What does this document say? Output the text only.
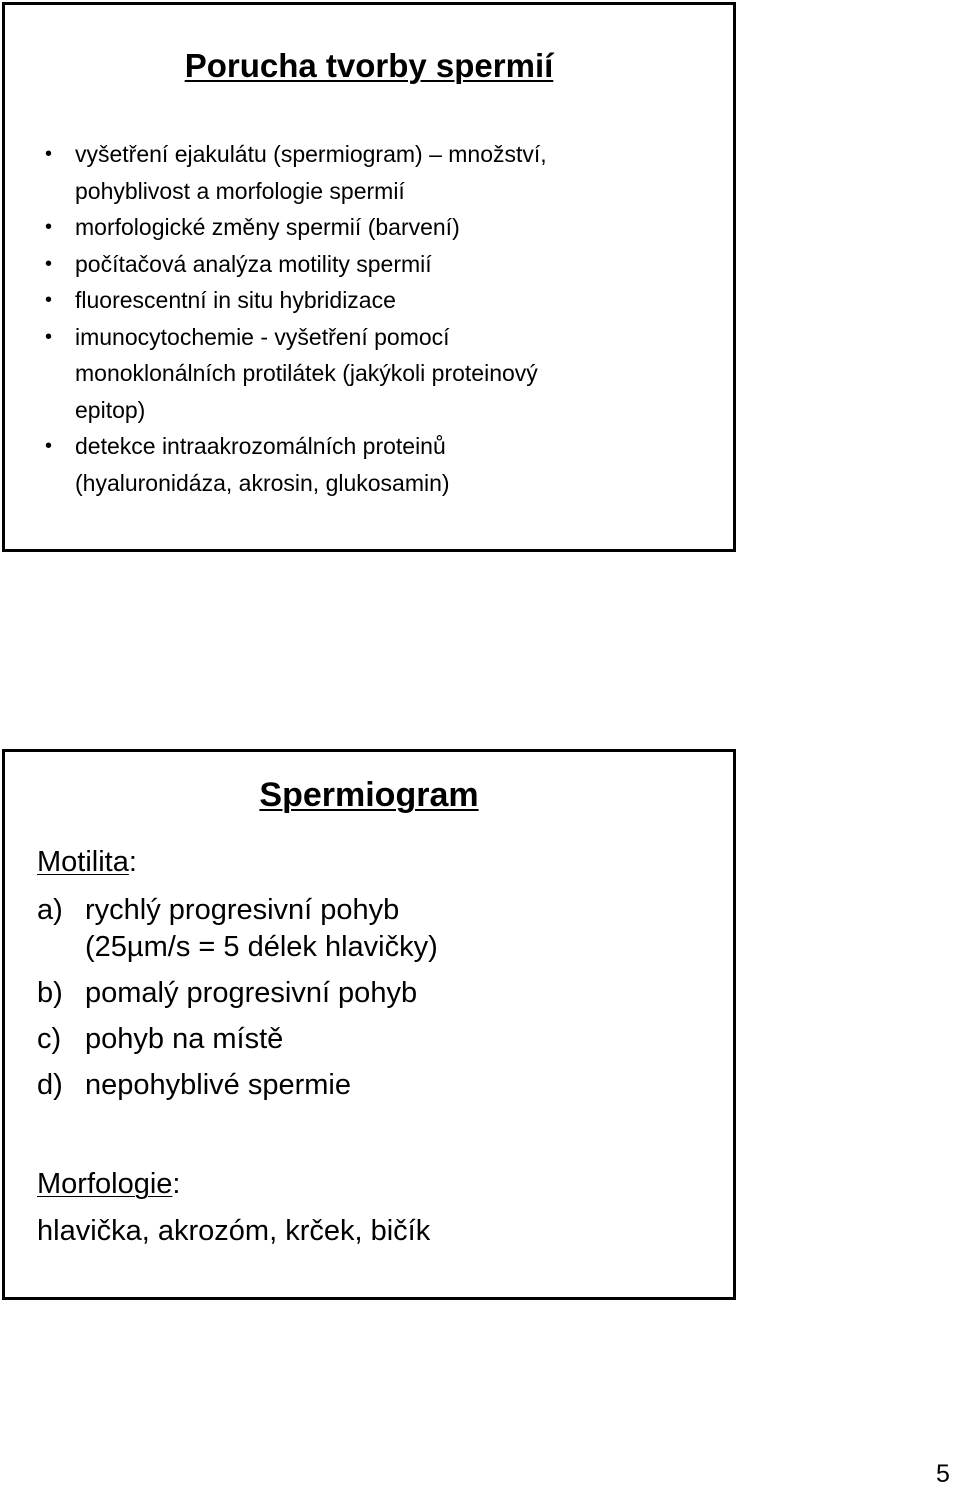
Poruchа tvorby spermií
• vyšetření ejakulátu (spermiogram) – množství,
pohyblivost a morfologie spermií
• morfologické změny spermií (barvení)
• počítačová analýza motility spermií
• fluorescentní in situ hybridizace
• imunocytochemie - vyšetření pomocí
monoklonálních protilátek (jakýkoli proteinový
epitop)
• detekce intraakrozomálních proteinů
(hyaluronidáza, akrosin, glukosamin)
Spermiogram
Motilita:
a) rychlý progresivní pohyb
(25µm/s = 5 délek hlavičky)
b) pomalý progresivní pohyb
c) pohyb na místě
d) nepohyblivé spermie
Morfologie:
hlavička, akrozóm, krček, bičík
5
